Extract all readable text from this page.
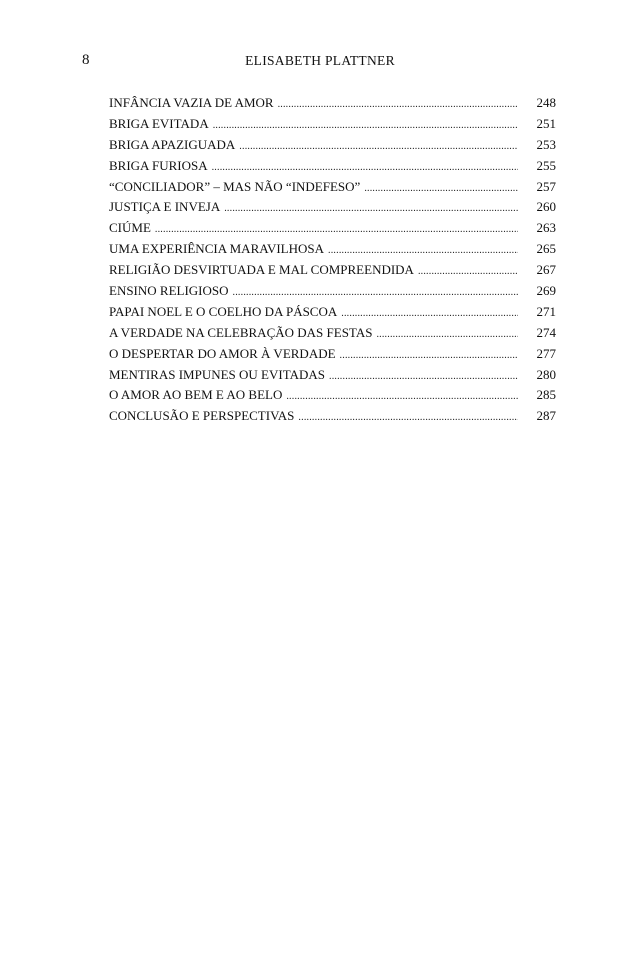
8	ELISABETH PLATTNER
INFÂNCIA VAZIA DE AMOR .....	248
BRIGA EVITADA .....	251
BRIGA APAZIGUADA .....	253
BRIGA FURIOSA .....	255
“CONCILIADOR” – MAS NÃO “INDEFESO” .....	257
JUSTIÇA E INVEJA .....	260
CIÚME .....	263
UMA EXPERIÊNCIA MARAVILHOSA .....	265
RELIGIÃO DESVIRTUADA E MAL COMPREENDIDA .....	267
ENSINO RELIGIOSO .....	269
PAPAI NOEL E O COELHO DA PÁSCOA .....	271
A VERDADE NA CELEBRAÇÃO DAS FESTAS .....	274
O DESPERTAR DO AMOR À VERDADE .....	277
MENTIRAS IMPUNES OU EVITADAS .....	280
O AMOR AO BEM E AO BELO .....	285
CONCLUSÃO E PERSPECTIVAS .....	287
